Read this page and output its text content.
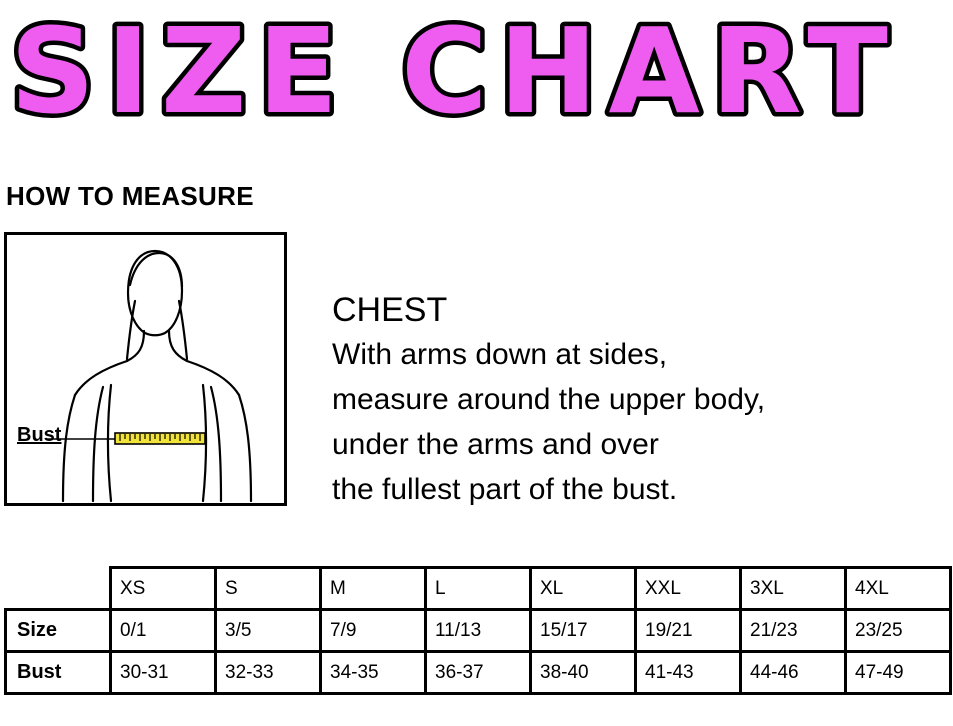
SIZE CHART
HOW TO MEASURE
Bust
CHEST
With arms down at sides,
measure around the upper body,
under the arms and over
the fullest part of the bust.
	XS	S	M	L	XL	XXL	3XL	4XL
Size	0/1	3/5	7/9	11/13	15/17	19/21	21/23	23/25
Bust	30-31	32-33	34-35	36-37	38-40	41-43	44-46	47-49
